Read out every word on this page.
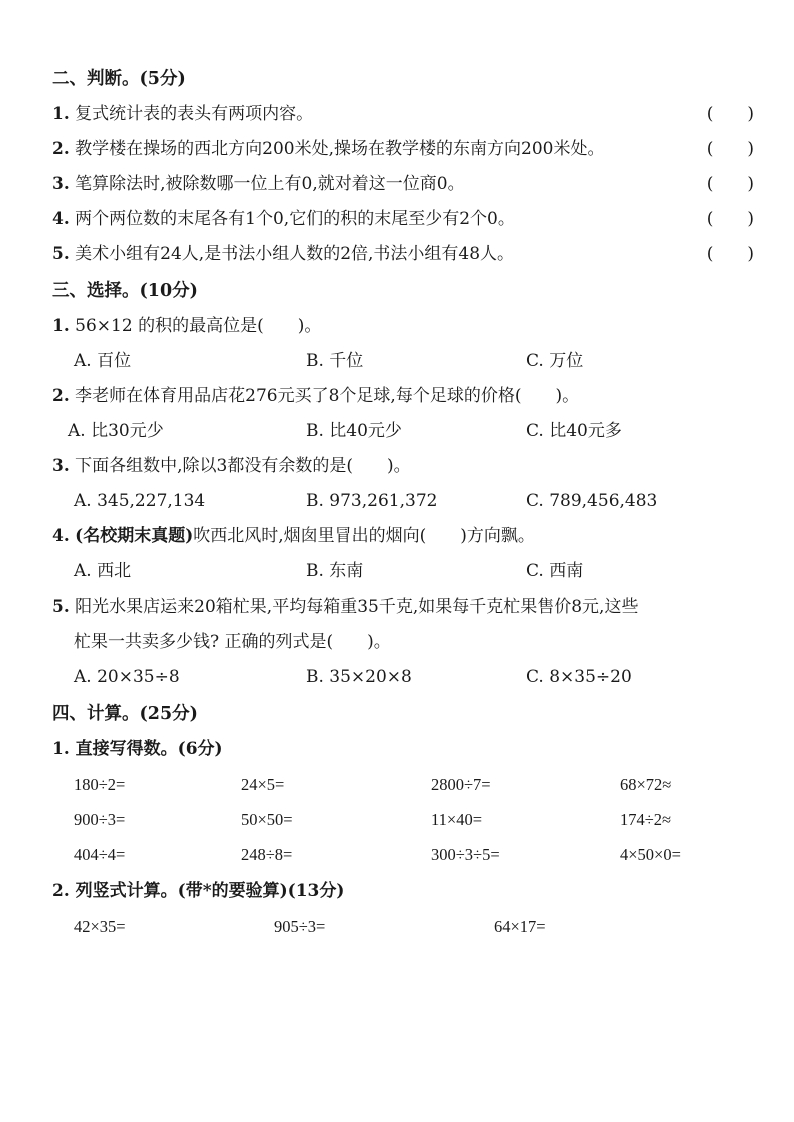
二、判断。(5分)
1. 复式统计表的表头有两项内容。	(　　)
2. 教学楼在操场的西北方向200米处,操场在教学楼的东南方向200米处。	(　　)
3. 笔算除法时,被除数哪一位上有0,就对着这一位商0。	(　　)
4. 两个两位数的末尾各有1个0,它们的积的末尾至少有2个0。	(　　)
5. 美术小组有24人,是书法小组人数的2倍,书法小组有48人。	(　　)
三、选择。(10分)
1. 56×12 的积的最高位是(　　)。
A. 百位	B. 千位	C. 万位
2. 李老师在体育用品店花276元买了8个足球,每个足球的价格(　　)。
A. 比30元少	B. 比40元少	C. 比40元多
3. 下面各组数中,除以3都没有余数的是(　　)。
A. 345,227,134	B. 973,261,372	C. 789,456,483
4. (名校期末真题)吹西北风时,烟囱里冒出的烟向(　　)方向飘。
A. 西北	B. 东南	C. 西南
5. 阳光水果店运来20箱杧果,平均每箱重35千克,如果每千克杧果售价8元,这些
杧果一共卖多少钱? 正确的列式是(　　)。
A. 20×35÷8	B. 35×20×8	C. 8×35÷20
四、计算。(25分)
1. 直接写得数。(6分)
180÷2=	24×5=	2800÷7=	68×72≈
900÷3=	50×50=	11×40=	174÷2≈
404÷4=	248÷8=	300÷3÷5=	4×50×0=
2. 列竖式计算。(带*的要验算)(13分)
42×35=	905÷3=	64×17=
